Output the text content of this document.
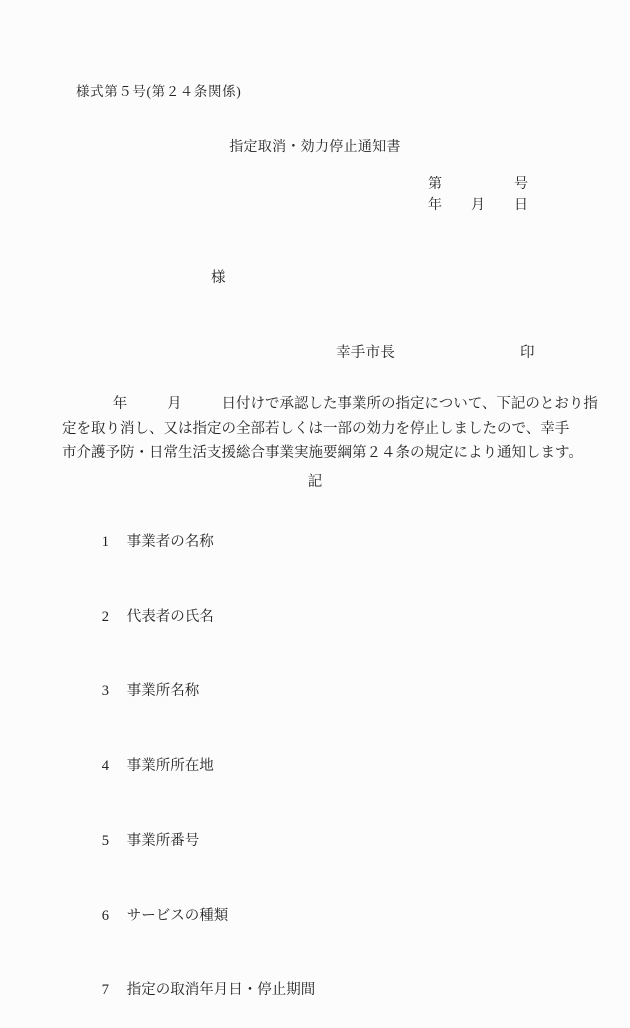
様式第５号(第２４条関係)
指定取消・効力停止通知書
第	号
年 月 日
様
幸手市長	印
　　　  年　　   月　　   日付けで承認した事業所の指定について、下記のとおり指
定を取り消し、又は指定の全部若しくは一部の効力を停止しましたので、幸手
市介護予防・日常生活支援総合事業実施要綱第２４条の規定により通知します。
記

1 事業者の名称

2 代表者の氏名

3 事業所名称

4 事業所所在地

5 事業所番号

6 サービスの種類

7 指定の取消年月日・停止期間
